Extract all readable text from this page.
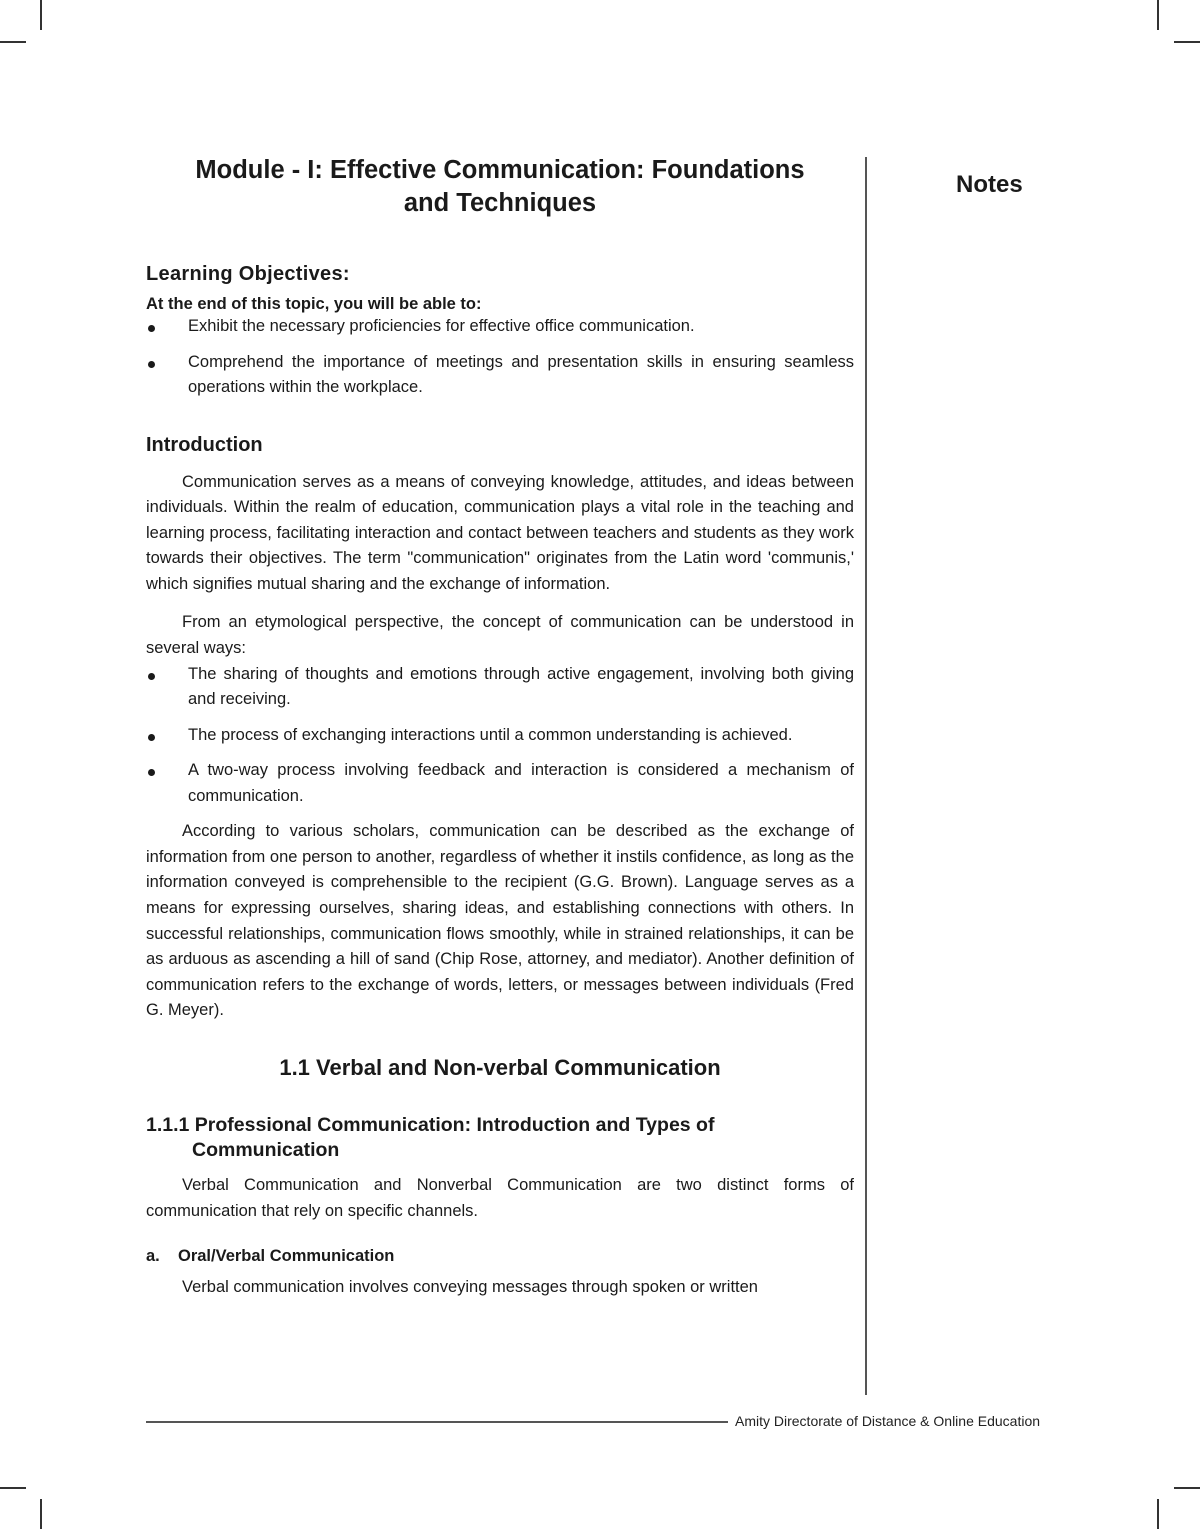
Module - I: Effective Communication: Foundations
and Techniques
Learning Objectives:
At the end of this topic, you will be able to:
Exhibit the necessary proficiencies for effective office communication.
Comprehend the importance of meetings and presentation skills in ensuring seamless operations within the workplace.
Introduction

Communication serves as a means of conveying knowledge, attitudes, and ideas between individuals. Within the realm of education, communication plays a vital role in the teaching and learning process, facilitating interaction and contact between teachers and students as they work towards their objectives. The term "communication" originates from the Latin word 'communis,' which signifies mutual sharing and the exchange of information.

From an etymological perspective, the concept of communication can be understood in several ways:

The sharing of thoughts and emotions through active engagement, involving both giving and receiving.
The process of exchanging interactions until a common understanding is achieved.
A two-way process involving feedback and interaction is considered a mechanism of communication.

According to various scholars, communication can be described as the exchange of information from one person to another, regardless of whether it instils confidence, as long as the information conveyed is comprehensible to the recipient (G.G. Brown). Language serves as a means for expressing ourselves, sharing ideas, and establishing connections with others. In successful relationships, communication flows smoothly, while in strained relationships, it can be as arduous as ascending a hill of sand (Chip Rose, attorney, and mediator). Another definition of communication refers to the exchange of words, letters, or messages between individuals (Fred G. Meyer).

1.1 Verbal and Non-verbal Communication
1.1.1 Professional Communication: Introduction and Types of Communication

Verbal Communication and Nonverbal Communication are two distinct forms of communication that rely on specific channels.

a. Oral/Verbal Communication

Verbal communication involves conveying messages through spoken or written

Notes
Amity Directorate of Distance & Online Education
